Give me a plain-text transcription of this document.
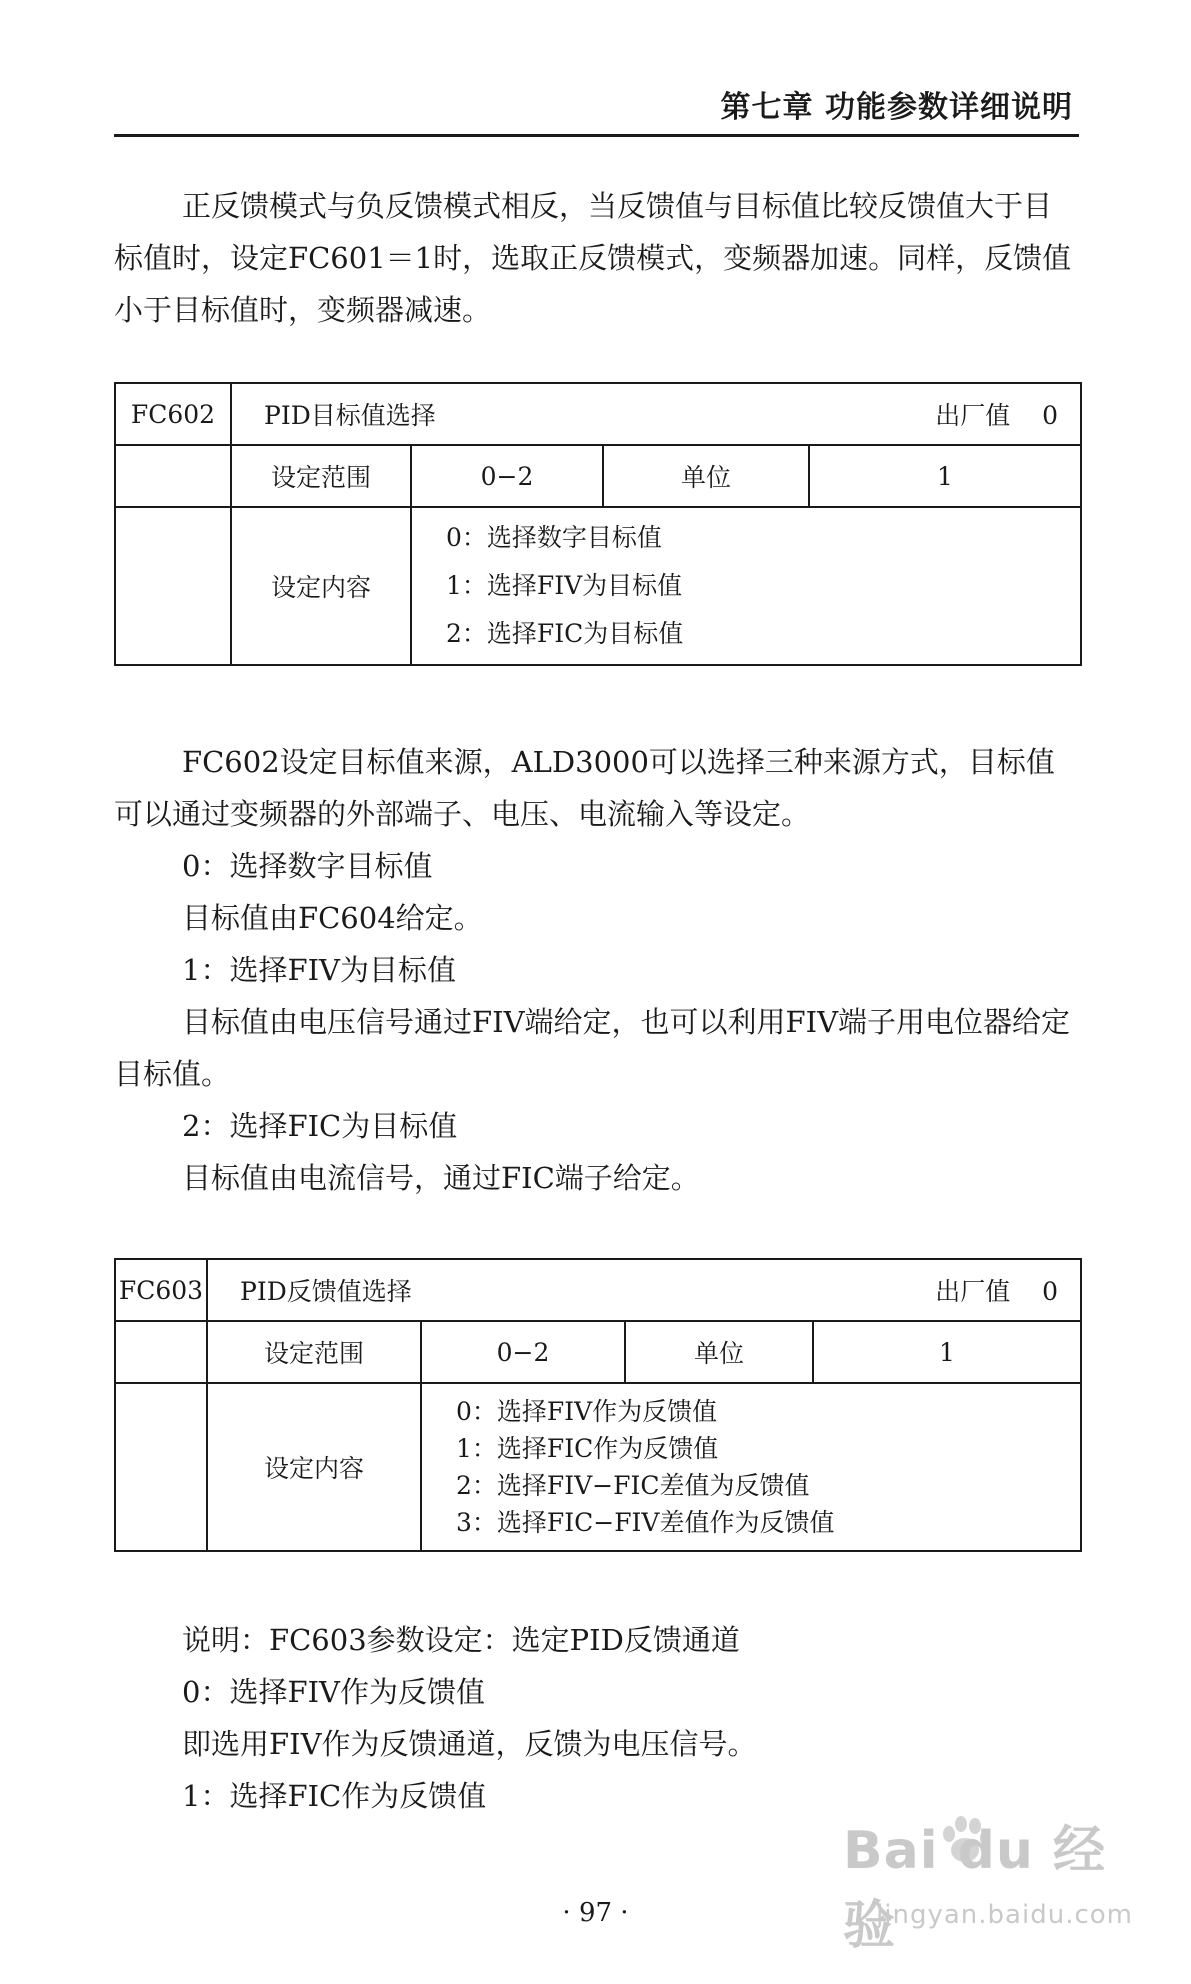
第七章 功能参数详细说明

正反馈模式与负反馈模式相反，当反馈值与目标值比较反馈值大于目标值时，设定FC601＝1时，选取正反馈模式，变频器加速。同样，反馈值小于目标值时，变频器减速。

FC602	PID目标值选择 出厂值 0			

	设定范围	0−2	单位	1
	设定内容	0：选择数字目标值
1：选择FIV为目标值
2：选择FIC为目标值		

FC602设定目标值来源，ALD3000可以选择三种来源方式，目标值可以通过变频器的外部端子、电压、电流输入等设定。

0：选择数字目标值

目标值由FC604给定。

1：选择FIV为目标值

目标值由电压信号通过FIV端给定，也可以利用FIV端子用电位器给定目标值。

2：选择FIC为目标值

目标值由电流信号，通过FIC端子给定。

FC603	PID反馈值选择 出厂值 0			

	设定范围	0−2	单位	1
	设定内容	0：选择FIV作为反馈值
1：选择FIC作为反馈值
2：选择FIV−FIC差值为反馈值
3：选择FIC−FIV差值作为反馈值		

说明：FC603参数设定：选定PID反馈通道

0：选择FIV作为反馈值

即选用FIV作为反馈通道，反馈为电压信号。

1：选择FIC作为反馈值

· 97 ·
Bai du 经验
jingyan.baidu.com
